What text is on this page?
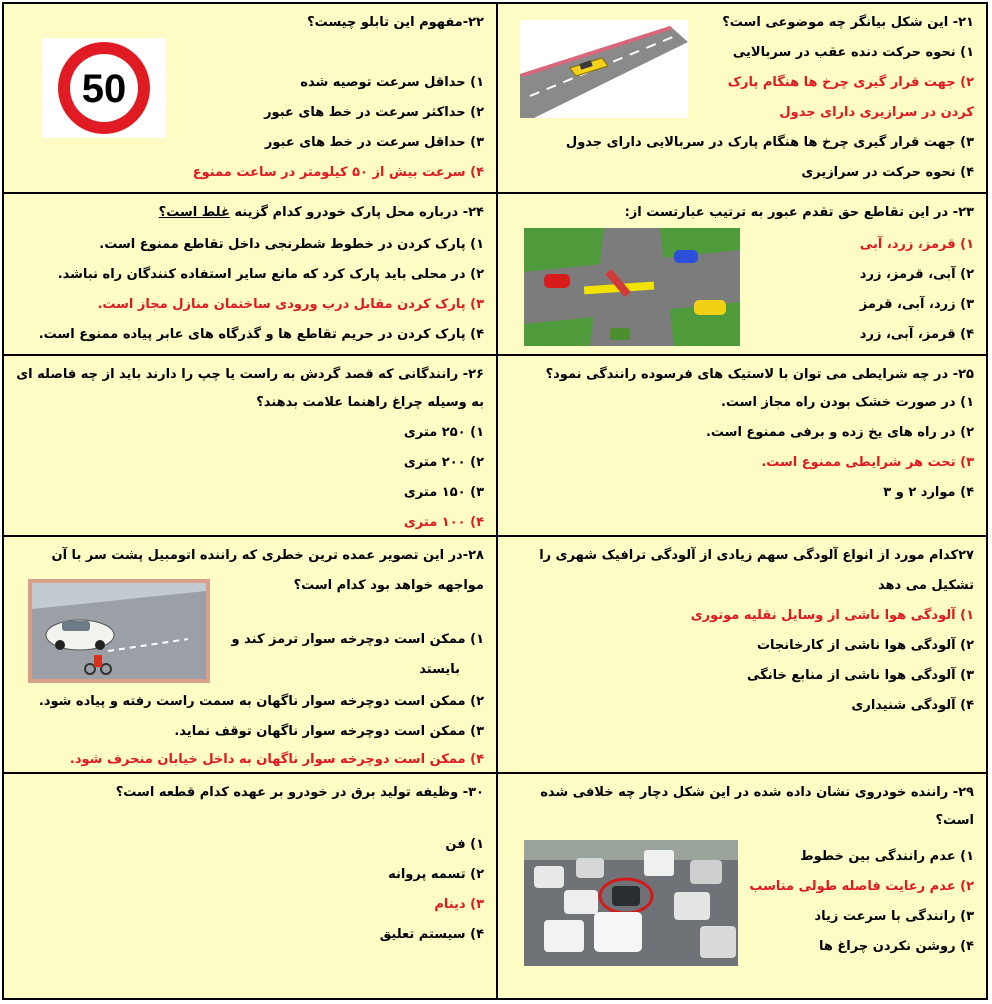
۲۱- این شکل بیانگر چه موضوعی است؟
۱) نحوه حرکت دنده عقب در سربالایی
۲) جهت قرار گیری چرخ ها هنگام پارک
کردن در سرازیری دارای جدول
۳) جهت قرار گیری چرخ ها هنگام پارک در سربالایی دارای جدول
۴) نحوه حرکت در سرازیری
۲۲-مفهوم این تابلو چیست؟
۱) حداقل سرعت توصیه شده
۲) حداکثر سرعت در خط های عبور
۳) حداقل سرعت در خط های عبور
۴) سرعت بیش از ۵۰ کیلومتر در ساعت ممنوع
50
۲۳- در این تقاطع حق تقدم عبور به ترتیب عبارتست از:
۱) قرمز، زرد، آبی
۲) آبی، قرمز، زرد
۳) زرد، آبی، قرمز
۴) قرمز، آبی، زرد
۲۴- درباره محل پارک خودرو کدام گزینه غلط است؟
۱) پارک کردن در خطوط شطرنجی داخل تقاطع ممنوع است.
۲) در محلی باید پارک کرد که مانع سایر استفاده کنندگان راه نباشد.
۳) پارک کردن مقابل درب ورودی ساختمان منازل مجاز است.
۴) پارک کردن در حریم تقاطع ها و گذرگاه های عابر پیاده ممنوع است.
۲۵- در چه شرایطی می توان با لاستیک های فرسوده رانندگی نمود؟
۱) در صورت خشک بودن راه مجاز است.
۲) در راه های یخ زده و برفی ممنوع است.
۳) تحت هر شرایطی ممنوع است.
۴) موارد ۲ و ۳
۲۶- رانندگانی که قصد گردش به راست یا چپ را دارند باید از چه فاصله ای
به وسیله چراغ راهنما علامت بدهند؟
۱) ۲۵۰ متری
۲) ۲۰۰ متری
۳) ۱۵۰ متری
۴) ۱۰۰ متری
۲۷کدام مورد از انواع آلودگی سهم زیادی از آلودگی ترافیک شهری را
تشکیل می دهد
۱) آلودگی هوا ناشی از وسایل نقلیه موتوری
۲) آلودگی هوا ناشی از کارخانجات
۳) آلودگی هوا ناشی از منابع خانگی
۴) آلودگی شنیداری
۲۸-در این تصویر عمده ترین خطری که راننده اتومبیل پشت سر با آن
مواجهه خواهد بود کدام است؟
۱) ممکن است دوچرخه سوار ترمز کند و
بایستد
۲) ممکن است دوچرخه سوار ناگهان به سمت راست رفته و پیاده شود.
۳) ممکن است دوچرخه سوار ناگهان توقف نماید.
۴) ممکن است دوچرخه سوار ناگهان به داخل خیابان منحرف شود.
۲۹- راننده خودروی نشان داده شده در این شکل دچار چه خلافی شده
است؟
۱) عدم رانندگی بین خطوط
۲) عدم رعایت فاصله طولی مناسب
۳) رانندگی با سرعت زیاد
۴) روشن نکردن چراغ ها
۳۰- وظیفه تولید برق در خودرو بر عهده کدام قطعه است؟
۱) فن
۲) تسمه پروانه
۳) دینام
۴) سیستم تعلیق
